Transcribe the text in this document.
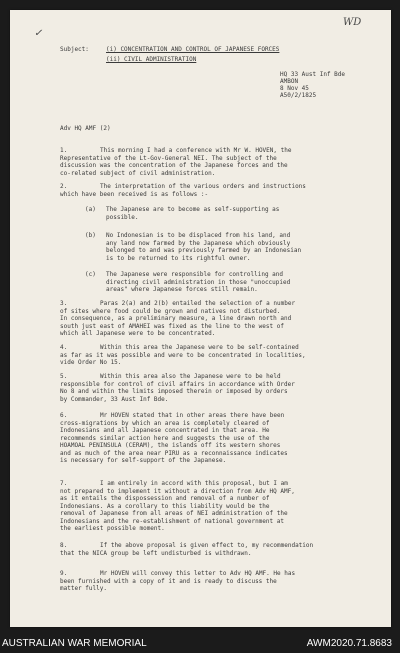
✓
WD
Subject:	(i) CONCENTRATION AND CONTROL OF JAPANESE FORCES
(ii) CIVIL ADMINISTRATION
HQ 33 Aust Inf Bde
AMBON
8 Nov 45
A50/2/1825
Adv HQ AMF (2)
1.	This morning I had a conference with Mr W. HOVEN, the
Representative of the Lt-Gov-General NEI. The subject of the
discussion was the concentration of the Japanese forces and the
co-related subject of civil administration.
2.	The interpretation of the various orders and instructions
which have been received is as follows :-
(a) The Japanese are to become as self-supporting as
possible.
(b) No Indonesian is to be displaced from his land, and
any land now farmed by the Japanese which obviously
belonged to and was previously farmed by an Indonesian
is to be returned to its rightful owner.
(c) The Japanese were responsible for controlling and
directing civil administration in those "unoccupied
areas" where Japanese forces still remain.
3.	Paras 2(a) and 2(b) entailed the selection of a number
of sites where food could be grown and natives not disturbed.
In consequence, as a preliminary measure, a line drawn north and
south just east of AMAHEI was fixed as the line to the west of
which all Japanese were to be concentrated.
4.	Within this area the Japanese were to be self-contained
as far as it was possible and were to be concentrated in localities,
vide Order No 15.
5.	Within this area also the Japanese were to be held
responsible for control of civil affairs in accordance with Order
No 8 and within the limits imposed therein or imposed by orders
by Commander, 33 Aust Inf Bde.
6.	Mr HOVEN stated that in other areas there have been
cross-migrations by which an area is completely cleared of
Indonesians and all Japanese concentrated in that area. He
recommends similar action here and suggests the use of the
HOAMOAL PENINSULA (CERAM), the islands off its western shores
and as much of the area near PIRU as a reconnaissance indicates
is necessary for self-support of the Japanese.
7.	I am entirely in accord with this proposal, but I am
not prepared to implement it without a direction from Adv HQ AMF,
as it entails the dispossession and removal of a number of
Indonesians. As a corollary to this liability would be the
removal of Japanese from all areas of NEI administration of the
Indonesians and the re-establishment of national government at
the earliest possible moment.
8.	If the above proposal is given effect to, my recommendation
that the NICA group be left undisturbed is withdrawn.
9.	Mr HOVEN will convey this letter to Adv HQ AMF. He has
been furnished with a copy of it and is ready to discuss the
matter fully.
AUSTRALIAN WAR MEMORIAL	AWM2020.71.8683
